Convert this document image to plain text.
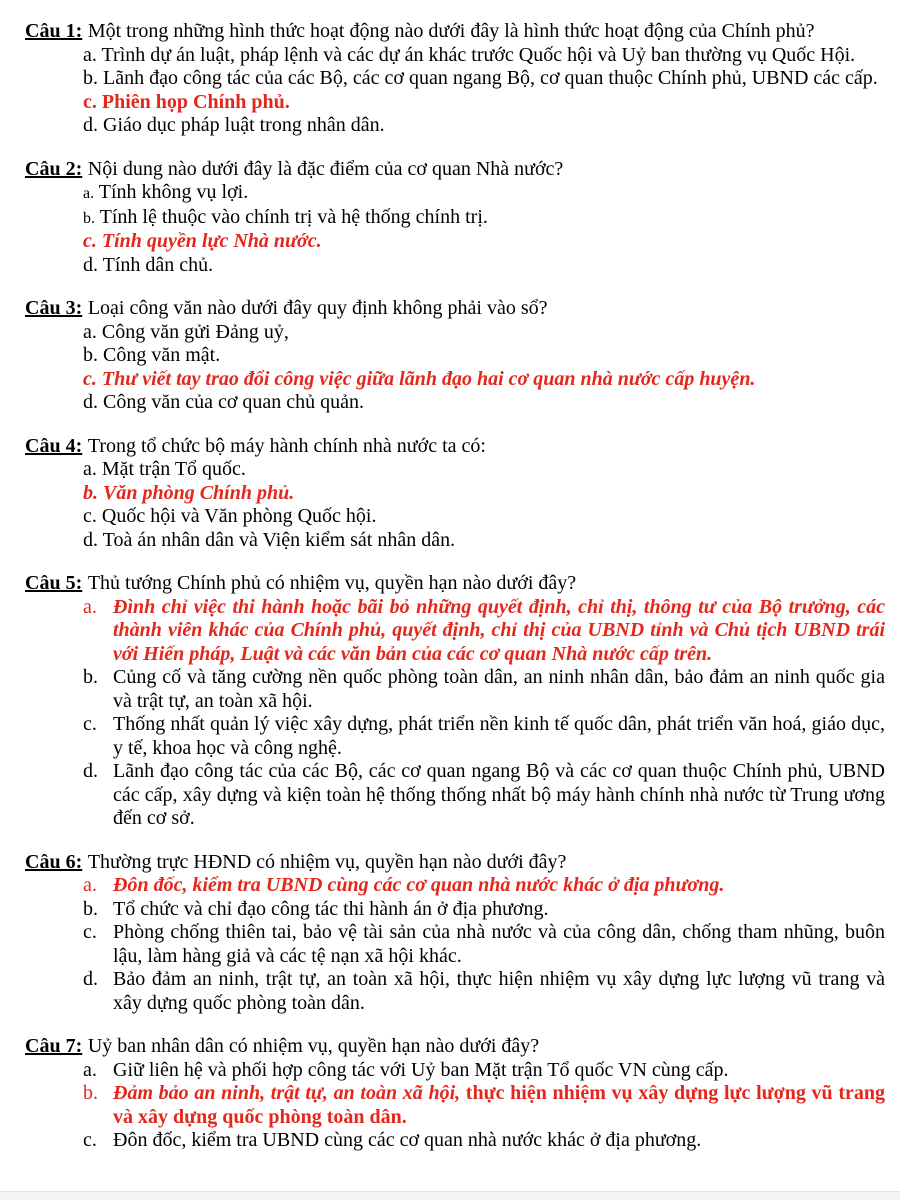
Câu 1: Một trong những hình thức hoạt động nào dưới đây là hình thức hoạt động của Chính phủ?
a. Trình dự án luật, pháp lệnh và các dự án khác trước Quốc hội và Uỷ ban thường vụ Quốc Hội.
b. Lãnh đạo công tác của các Bộ, các cơ quan ngang Bộ, cơ quan thuộc Chính phủ, UBND các cấp.
c. Phiên họp Chính phủ.
d. Giáo dục pháp luật trong nhân dân.
Câu 2: Nội dung nào dưới đây là đặc điểm của cơ quan Nhà nước?
a. Tính không vụ lợi.
b. Tính lệ thuộc vào chính trị và hệ thống chính trị.
c. Tính quyền lực Nhà nước.
d. Tính dân chủ.
Câu 3: Loại công văn nào dưới đây quy định không phải vào sổ?
a. Công văn gửi Đảng uỷ,
b. Công văn mật.
c. Thư viết tay trao đổi công việc giữa lãnh đạo hai cơ quan nhà nước cấp huyện.
d. Công văn của cơ quan chủ quản.
Câu 4: Trong tổ chức bộ máy hành chính nhà nước ta có:
a. Mặt trận Tổ quốc.
b. Văn phòng Chính phủ.
c. Quốc hội và Văn phòng Quốc hội.
d. Toà án nhân dân và Viện kiểm sát nhân dân.
Câu 5: Thủ tướng Chính phủ có nhiệm vụ, quyền hạn nào dưới đây?
a. Đình chỉ việc thi hành hoặc bãi bỏ những quyết định, chỉ thị, thông tư của Bộ trưởng, các thành viên khác của Chính phủ, quyết định, chỉ thị của UBND tỉnh và Chủ tịch UBND trái với Hiến pháp, Luật và các văn bản của các cơ quan Nhà nước cấp trên.
b. Củng cố và tăng cường nền quốc phòng toàn dân, an ninh nhân dân, bảo đảm an ninh quốc gia và trật tự, an toàn xã hội.
c. Thống nhất quản lý việc xây dựng, phát triển nền kinh tế quốc dân, phát triển văn hoá, giáo dục, y tế, khoa học và công nghệ.
d. Lãnh đạo công tác của các Bộ, các cơ quan ngang Bộ và các cơ quan thuộc Chính phủ, UBND các cấp, xây dựng và kiện toàn hệ thống thống nhất bộ máy hành chính nhà nước từ Trung ương đến cơ sở.
Câu 6: Thường trực HĐND có nhiệm vụ, quyền hạn nào dưới đây?
a. Đôn đốc, kiểm tra UBND cùng các cơ quan nhà nước khác ở địa phương.
b. Tổ chức và chỉ đạo công tác thi hành án ở địa phương.
c. Phòng chống thiên tai, bảo vệ tài sản của nhà nước và của công dân, chống tham nhũng, buôn lậu, làm hàng giả và các tệ nạn xã hội khác.
d. Bảo đảm an ninh, trật tự, an toàn xã hội, thực hiện nhiệm vụ xây dựng lực lượng vũ trang và xây dựng quốc phòng toàn dân.
Câu 7: Uỷ ban nhân dân có nhiệm vụ, quyền hạn nào dưới đây?
a. Giữ liên hệ và phối hợp công tác với Uỷ ban Mặt trận Tổ quốc VN cùng cấp.
b. Đảm bảo an ninh, trật tự, an toàn xã hội, thực hiện nhiệm vụ xây dựng lực lượng vũ trang và xây dựng quốc phòng toàn dân.
c. Đôn đốc, kiểm tra UBND cùng các cơ quan nhà nước khác ở địa phương.
